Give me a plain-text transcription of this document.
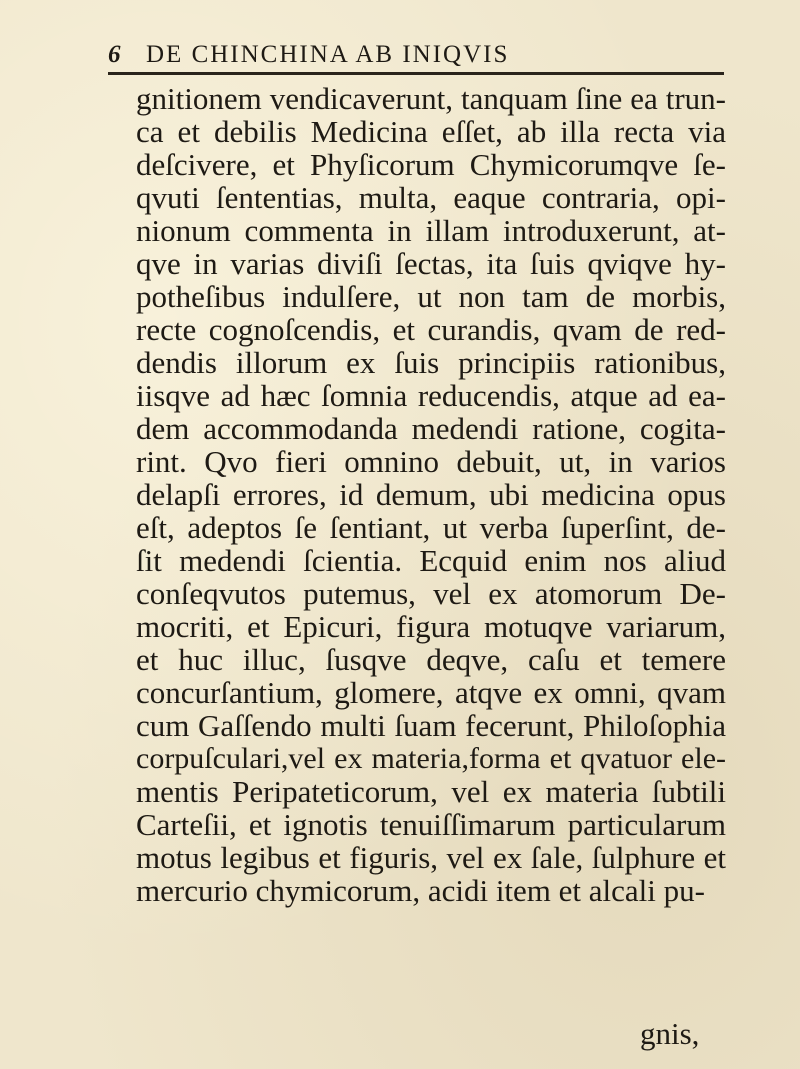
6 DE CHINCHINA AB INIQVIS
gnitionem vendicaverunt, tanquam ſine ea trun-
ca et debilis Medicina eſſet, ab illa recta via
deſcivere, et Phyſicorum Chymicorumqve ſe-
qvuti ſententias, multa, eaque contraria, opi-
nionum commenta in illam introduxerunt, at-
qve in varias diviſi ſectas, ita ſuis qviqve hy-
potheſibus indulſere, ut non tam de morbis,
recte cognoſcendis, et curandis, qvam de red-
dendis illorum ex ſuis principiis rationibus,
iisqve ad hæc ſomnia reducendis, atque ad ea-
dem accommodanda medendi ratione, cogita-
rint. Qvo fieri omnino debuit, ut, in varios
delapſi errores, id demum, ubi medicina opus
eſt, adeptos ſe ſentiant, ut verba ſuperſint, de-
ſit medendi ſcientia. Ecquid enim nos aliud
conſeqvutos putemus, vel ex atomorum De-
mocriti, et Epicuri, figura motuqve variarum,
et huc illuc, ſusqve deqve, caſu et temere
concurſantium, glomere, atqve ex omni, qvam
cum Gaſſendo multi ſuam fecerunt, Philoſophia
corpuſculari,vel ex materia,forma et qvatuor ele-
mentis Peripateticorum, vel ex materia ſubtili
Carteſii, et ignotis tenuiſſimarum particularum
motus legibus et figuris, vel ex ſale, ſulphure et
mercurio chymicorum, acidi item et alcali pu-
gnis,
